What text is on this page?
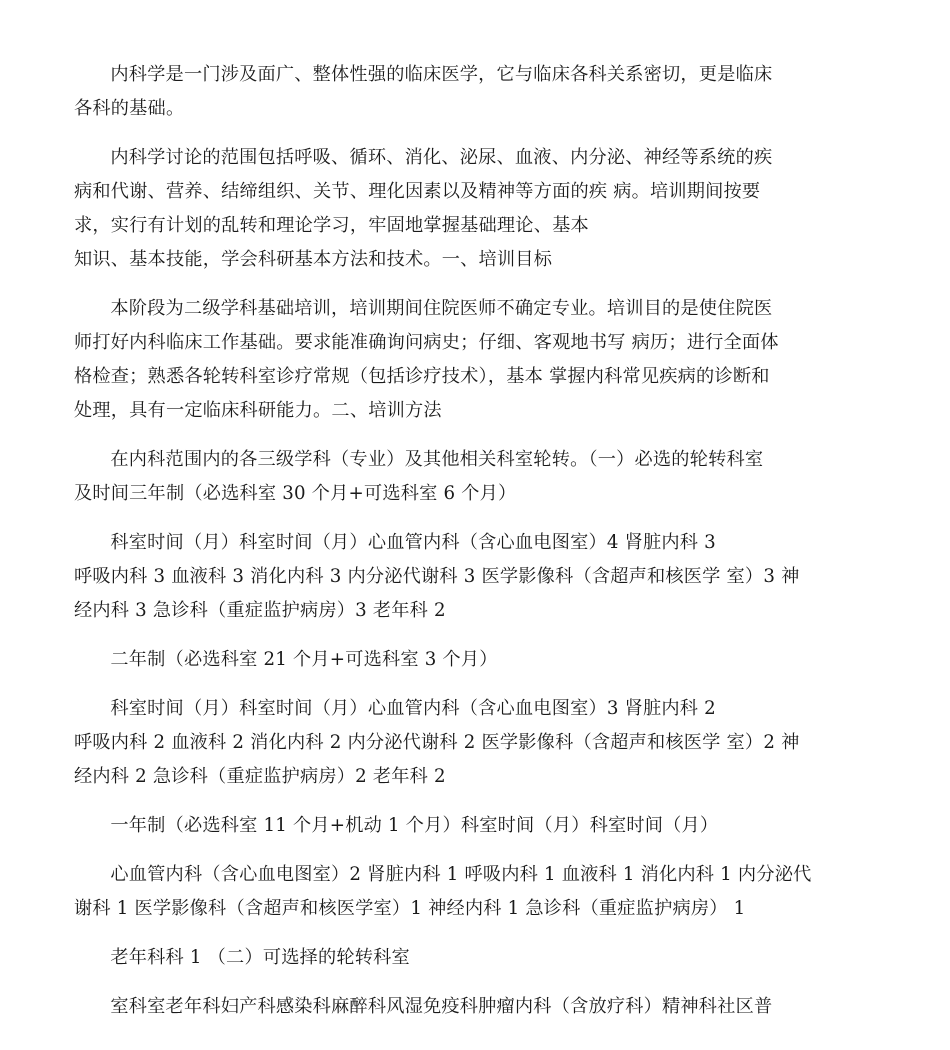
内科学是一门涉及面广、整体性强的临床医学，它与临床各科关系密切，更是临床
各科的基础。

内科学讨论的范围包括呼吸、循环、消化、泌尿、血液、内分泌、神经等系统的疾
病和代谢、营养、结缔组织、关节、理化因素以及精神等方面的疾 病。培训期间按要
求，实行有计划的乱转和理论学习，牢固地掌握基础理论、基本
知识、基本技能，学会科研基本方法和技术。一、培训目标

本阶段为二级学科基础培训，培训期间住院医师不确定专业。培训目的是使住院医
师打好内科临床工作基础。要求能准确询问病史；仔细、客观地书写 病历；进行全面体
格检查；熟悉各轮转科室诊疗常规（包括诊疗技术），基本 掌握内科常见疾病的诊断和
处理，具有一定临床科研能力。二、培训方法

在内科范围内的各三级学科（专业）及其他相关科室轮转。（一）必选的轮转科室
及时间三年制（必选科室 30 个月+可选科室 6 个月）

科室时间（月）科室时间（月）心血管内科（含心血电图室）4 肾脏内科 3
呼吸内科 3 血液科 3 消化内科 3 内分泌代谢科 3 医学影像科（含超声和核医学 室）3 神
经内科 3 急诊科（重症监护病房）3 老年科 2

二年制（必选科室 21 个月+可选科室 3 个月）

科室时间（月）科室时间（月）心血管内科（含心血电图室）3 肾脏内科 2
呼吸内科 2 血液科 2 消化内科 2 内分泌代谢科 2 医学影像科（含超声和核医学 室）2 神
经内科 2 急诊科（重症监护病房）2 老年科 2

一年制（必选科室 11 个月+机动 1 个月）科室时间（月）科室时间（月）

心血管内科（含心血电图室）2 肾脏内科 1 呼吸内科 1 血液科 1 消化内科 1 内分泌代
谢科 1 医学影像科（含超声和核医学室）1 神经内科 1 急诊科（重症监护病房） 1

老年科科 1 （二）可选择的轮转科室

室科室老年科妇产科感染科麻醉科风湿免疫科肿瘤内科（含放疗科）精神科社区普
